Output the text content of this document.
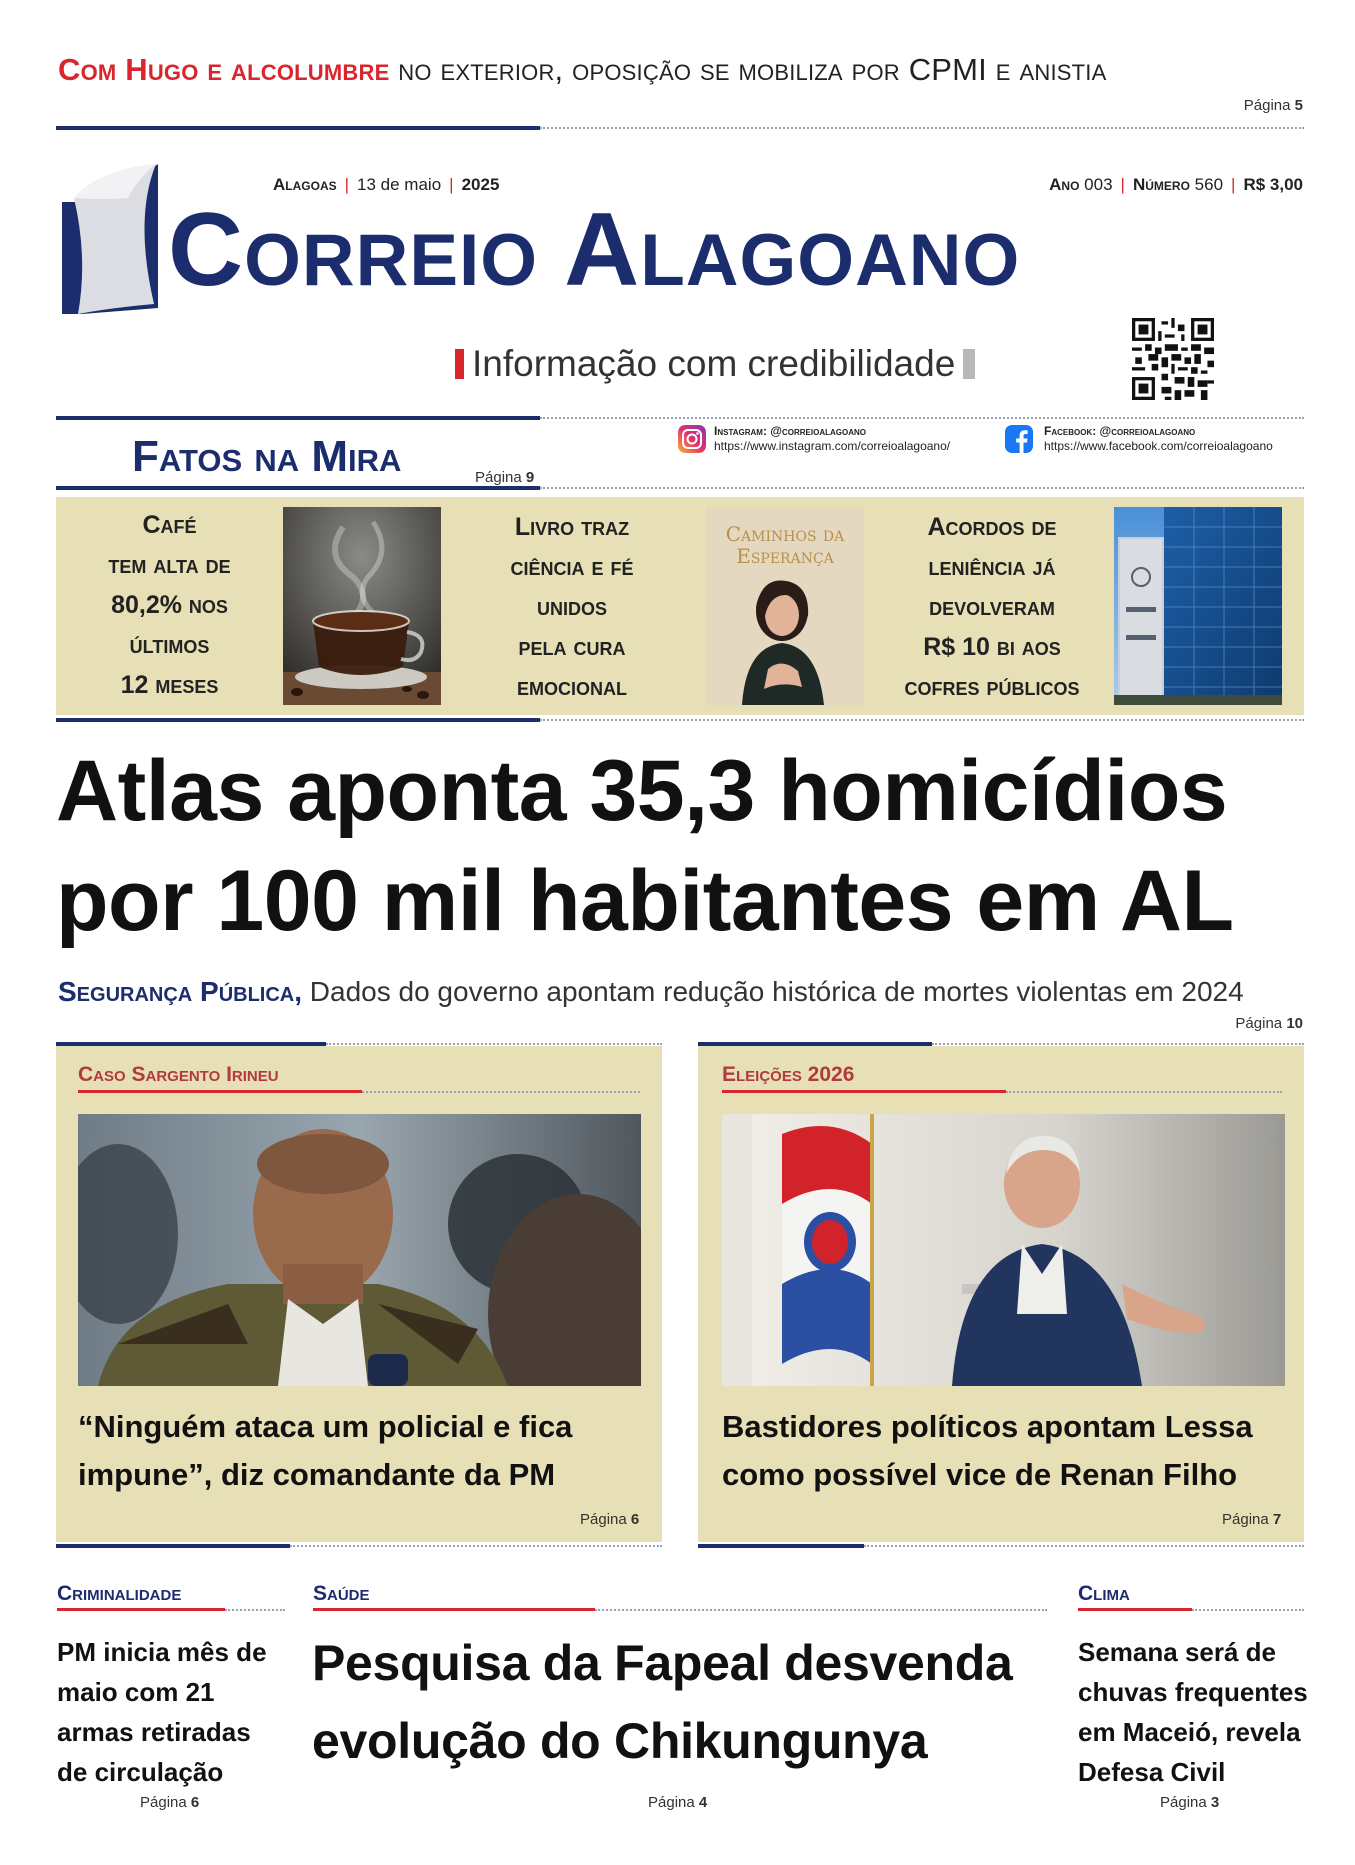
Com Hugo e alcolumbre no exterior, oposição se mobiliza por CPMI e anistia
Página 5
Alagoas | 13 de maio | 2025	Ano 003 | Número 560 | R$ 3,00
Correio Alagoano
Informação com credibilidade
Fatos na Mira	Página 9
Instagram: @correioalagoano
https://www.instagram.com/correioalagoano/
Facebook: @correioalagoano
https://www.facebook.com/correioalagoano
Café
tem alta de
80,2% nos
últimos
12 meses
Livro traz
ciência e fé
unidos
pela cura
emocional
Caminhos da Esperança
Acordos de
leniência já
devolveram
R$ 10 bi aos
cofres públicos
Atlas aponta 35,3 homicídios
por 100 mil habitantes em AL
Segurança Pública, Dados do governo apontam redução histórica de mortes violentas em 2024
Página 10
Caso Sargento Irineu
“Ninguém ataca um policial e fica impune”, diz comandante da PM
Página 6
Eleições 2026
Bastidores políticos apontam Lessa como possível vice de Renan Filho
Página 7
Criminalidade
PM inicia mês de maio com 21 armas retiradas de circulação
Página 6
Saúde
Pesquisa da Fapeal desvenda evolução do Chikungunya
Página 4
Clima
Semana será de chuvas frequentes em Maceió, revela Defesa Civil
Página 3
